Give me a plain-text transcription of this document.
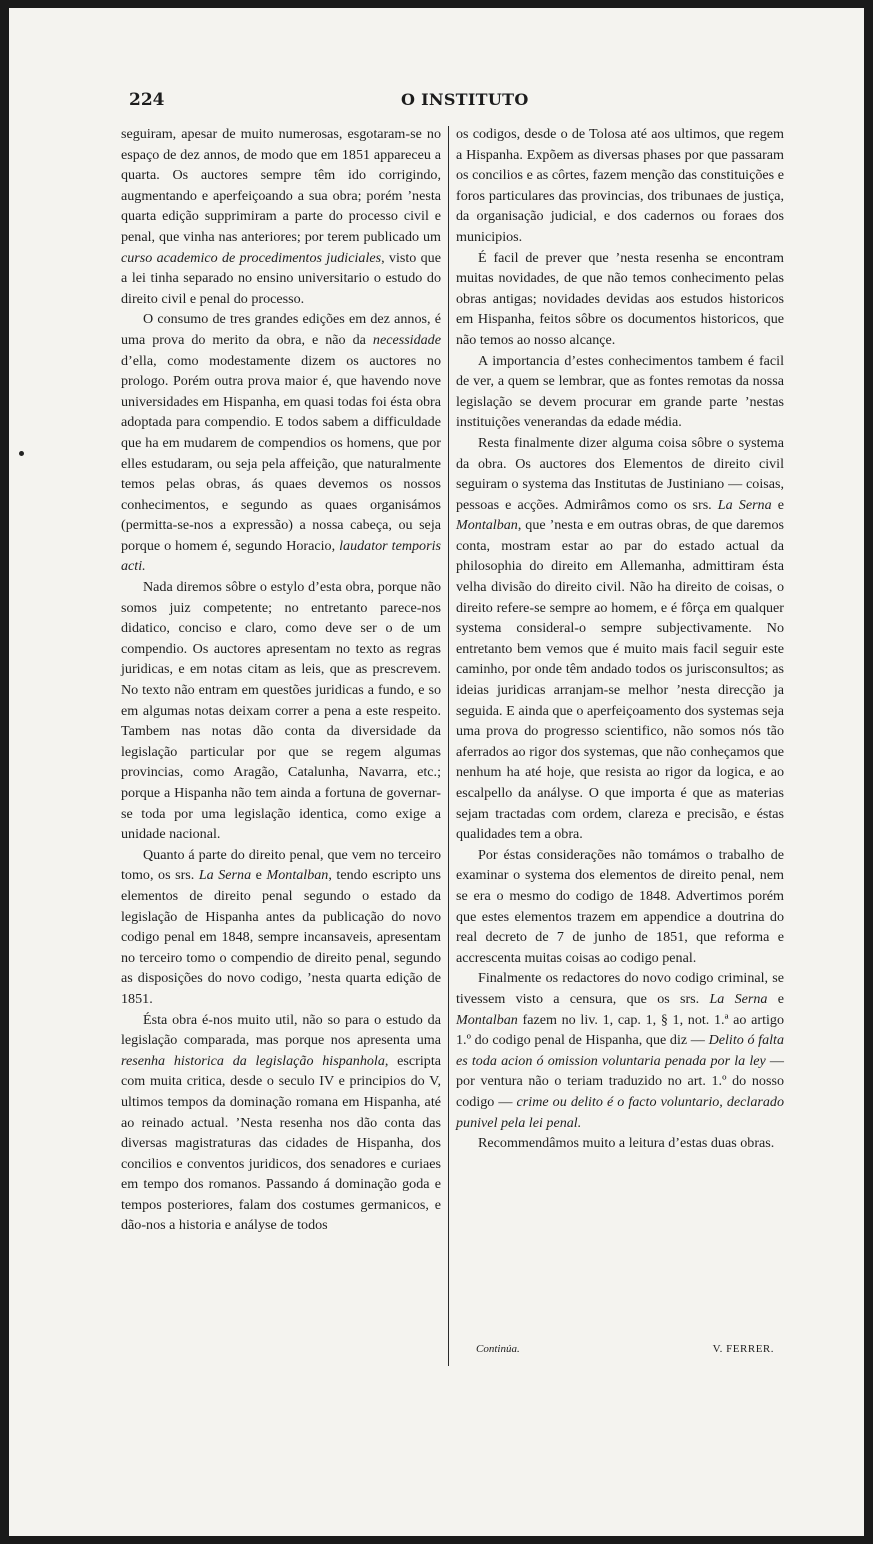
224	O INSTITUTO

seguiram, apesar de muito numerosas, esgotaram-se no espaço de dez annos, de modo que em 1851 appareceu a quarta. Os auctores sempre têm ido corrigindo, augmentando e aperfeiçoando a sua obra; porém ’nesta quarta edição supprimiram a parte do processo civil e penal, que vinha nas anteriores; por terem publicado um curso academico de procedimentos judiciales, visto que a lei tinha separado no ensino universitario o estudo do direito civil e penal do processo.

O consumo de tres grandes edições em dez annos, é uma prova do merito da obra, e não da necessidade d’ella, como modestamente dizem os auctores no prologo. Porém outra prova maior é, que havendo nove universidades em Hispanha, em quasi todas foi ésta obra adoptada para compendio. E todos sabem a difficuldade que ha em mudarem de compendios os homens, que por elles estudaram, ou seja pela affeição, que naturalmente temos pelas obras, ás quaes devemos os nossos conhecimentos, e segundo as quaes organisámos (permitta-se-nos a expressão) a nossa cabeça, ou seja porque o homem é, segundo Horacio, laudator temporis acti.

Nada diremos sôbre o estylo d’esta obra, porque não somos juiz competente; no entretanto parece-nos didatico, conciso e claro, como deve ser o de um compendio. Os auctores apresentam no texto as regras juridicas, e em notas citam as leis, que as prescrevem. No texto não entram em questões juridicas a fundo, e so em algumas notas deixam correr a pena a este respeito. Tambem nas notas dão conta da diversidade da legislação particular por que se regem algumas provincias, como Aragão, Catalunha, Navarra, etc.; porque a Hispanha não tem ainda a fortuna de governar-se toda por uma legislação identica, como exige a unidade nacional.

Quanto á parte do direito penal, que vem no terceiro tomo, os srs. La Serna e Montalban, tendo escripto uns elementos de direito penal segundo o estado da legislação de Hispanha antes da publicação do novo codigo penal em 1848, sempre incansaveis, apresentam no terceiro tomo o compendio de direito penal, segundo as disposições do novo codigo, ’nesta quarta edição de 1851.

Ésta obra é-nos muito util, não so para o estudo da legislação comparada, mas porque nos apresenta uma resenha historica da legislação hispanhola, escripta com muita critica, desde o seculo IV e principios do V, ultimos tempos da dominação romana em Hispanha, até ao reinado actual. ’Nesta resenha nos dão conta das diversas magistraturas das cidades de Hispanha, dos concilios e conventos juridicos, dos senadores e curiaes em tempo dos romanos. Passando á dominação goda e tempos posteriores, falam dos costumes germanicos, e dão-nos a historia e anályse de todos

os codigos, desde o de Tolosa até aos ultimos, que regem a Hispanha. Expõem as diversas phases por que passaram os concilios e as côrtes, fazem menção das constituições e foros particulares das provincias, dos tribunaes de justiça, da organisação judicial, e dos cadernos ou foraes dos municipios.

É facil de prever que ’nesta resenha se encontram muitas novidades, de que não temos conhecimento pelas obras antigas; novidades devidas aos estudos historicos em Hispanha, feitos sôbre os documentos historicos, que não temos ao nosso alcançe.

A importancia d’estes conhecimentos tambem é facil de ver, a quem se lembrar, que as fontes remotas da nossa legislação se devem procurar em grande parte ’nestas instituições venerandas da edade média.

Resta finalmente dizer alguma coisa sôbre o systema da obra. Os auctores dos Elementos de direito civil seguiram o systema das Institutas de Justiniano — coisas, pessoas e acções. Admirâmos como os srs. La Serna e Montalban, que ’nesta e em outras obras, de que daremos conta, mostram estar ao par do estado actual da philosophia do direito em Allemanha, admittiram ésta velha divisão do direito civil. Não ha direito de coisas, o direito refere-se sempre ao homem, e é fôrça em qualquer systema consideral-o sempre subjectivamente. No entretanto bem vemos que é muito mais facil seguir este caminho, por onde têm andado todos os jurisconsultos; as ideias juridicas arranjam-se melhor ’nesta direcção ja seguida. E ainda que o aperfeiçoamento dos systemas seja uma prova do progresso scientifico, não somos nós tão aferrados ao rigor dos systemas, que não conheçamos que nenhum ha até hoje, que resista ao rigor da logica, e ao escalpello da anályse. O que importa é que as materias sejam tractadas com ordem, clareza e precisão, e éstas qualidades tem a obra.

Por éstas considerações não tomámos o trabalho de examinar o systema dos elementos de direito penal, nem se era o mesmo do codigo de 1848. Advertimos porém que estes elementos trazem em appendice a doutrina do real decreto de 7 de junho de 1851, que reforma e accrescenta muitas coisas ao codigo penal.

Finalmente os redactores do novo codigo criminal, se tivessem visto a censura, que os srs. La Serna e Montalban fazem no liv. 1, cap. 1, § 1, not. 1.ª ao artigo 1.º do codigo penal de Hispanha, que diz — Delito ó falta es toda acion ó omission voluntaria penada por la ley — por ventura não o teriam traduzido no art. 1.º do nosso codigo — crime ou delito é o facto voluntario, declarado punivel pela lei penal.

Recommendâmos muito a leitura d’estas duas obras.

Continúa.	V. FERRER.
